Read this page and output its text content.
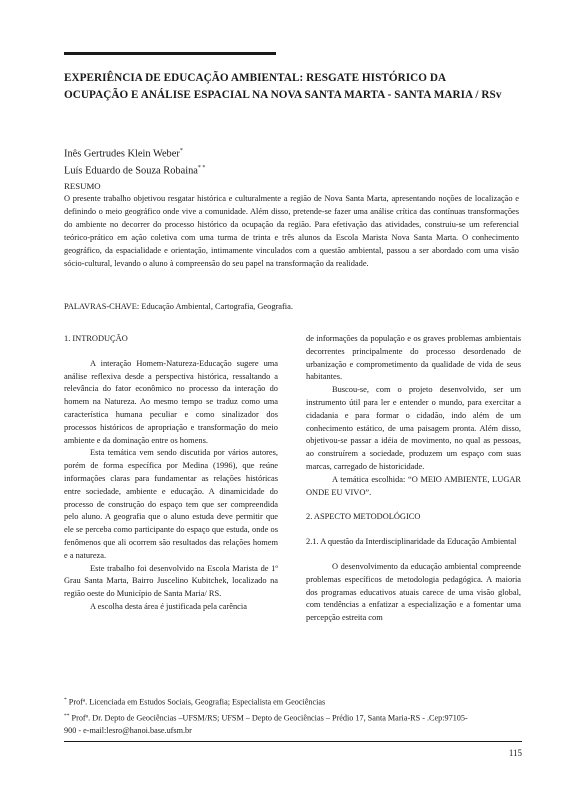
EXPERIÊNCIA DE EDUCAÇÃO AMBIENTAL: RESGATE HISTÓRICO DA
OCUPAÇÃO E ANÁLISE ESPACIAL NA NOVA SANTA MARTA - SANTA MARIA / RSv
Inês Gertrudes Klein Weber*
Luís Eduardo de Souza Robaina* *
RESUMO
O presente trabalho objetivou resgatar histórica e culturalmente a região de Nova Santa Marta, apresentando noções de localização e definindo o meio geográfico onde vive a comunidade. Além disso, pretende-se fazer uma análise crítica das contínuas transformações do ambiente no decorrer do processo histórico da ocupação da região. Para efetivação das atividades, construiu-se um referencial teórico-prático em ação coletiva com uma turma de trinta e três alunos da Escola Marista Nova Santa Marta. O conhecimento geográfico, da espacialidade e orientação, intimamente vinculados com a questão ambiental, passou a ser abordado com uma visão sócio-cultural, levando o aluno à compreensão do seu papel na transformação da realidade.
PALAVRAS-CHAVE: Educação Ambiental, Cartografia, Geografia.

1. INTRODUÇÃO

A interação Homem-Natureza-Educação sugere uma análise reflexiva desde a perspectiva histórica, ressaltando a relevância do fator econômico no processo da interação do homem na Natureza. Ao mesmo tempo se traduz como uma característica humana peculiar e como sinalizador dos processos históricos de apropriação e transformação do meio ambiente e da dominação entre os homens.

Esta temática vem sendo discutida por vários autores, porém de forma específica por Medina (1996), que reúne informações claras para fundamentar as relações históricas entre sociedade, ambiente e educação. A dinamicidade do processo de construção do espaço tem que ser compreendida pelo aluno. A geografia que o aluno estuda deve permitir que ele se perceba como participante do espaço que estuda, onde os fenômenos que ali ocorrem são resultados das relações homem e a natureza.

Este trabalho foi desenvolvido na Escola Marista de 1º Grau Santa Marta, Bairro Juscelino Kubitchek, localizado na região oeste do Município de Santa Maria/ RS.

A escolha desta área é justificada pela carência

de informações da população e os graves problemas ambientais decorrentes principalmente do processo desordenado de urbanização e comprometimento da qualidade de vida de seus habitantes.

Buscou-se, com o projeto desenvolvido, ser um instrumento útil para ler e entender o mundo, para exercitar a cidadania e para formar o cidadão, indo além de um conhecimento estático, de uma paisagem pronta. Além disso, objetivou-se passar a idéia de movimento, no qual as pessoas, ao construírem a sociedade, produzem um espaço com suas marcas, carregado de historicidade.

A temática escolhida: “O MEIO AMBIENTE, LUGAR ONDE EU VIVO”.

2. ASPECTO METODOLÓGICO

2.1. A questão da Interdisciplinaridade da Educação Ambiental

O desenvolvimento da educação ambiental compreende problemas específicos de metodologia pedagógica. A maioria dos programas educativos atuais carece de uma visão global, com tendências a enfatizar a especialização e a fomentar uma percepção estreita com

* Profª. Licenciada em Estudos Sociais, Geografia; Especialista em Geociências
** Profº. Dr. Depto de Geociências –UFSM/RS; UFSM – Depto de Geociências – Prédio 17, Santa Maria-RS - .Cep:97105-
900 - e-mail:lesro@hanoi.base.ufsm.br
115
